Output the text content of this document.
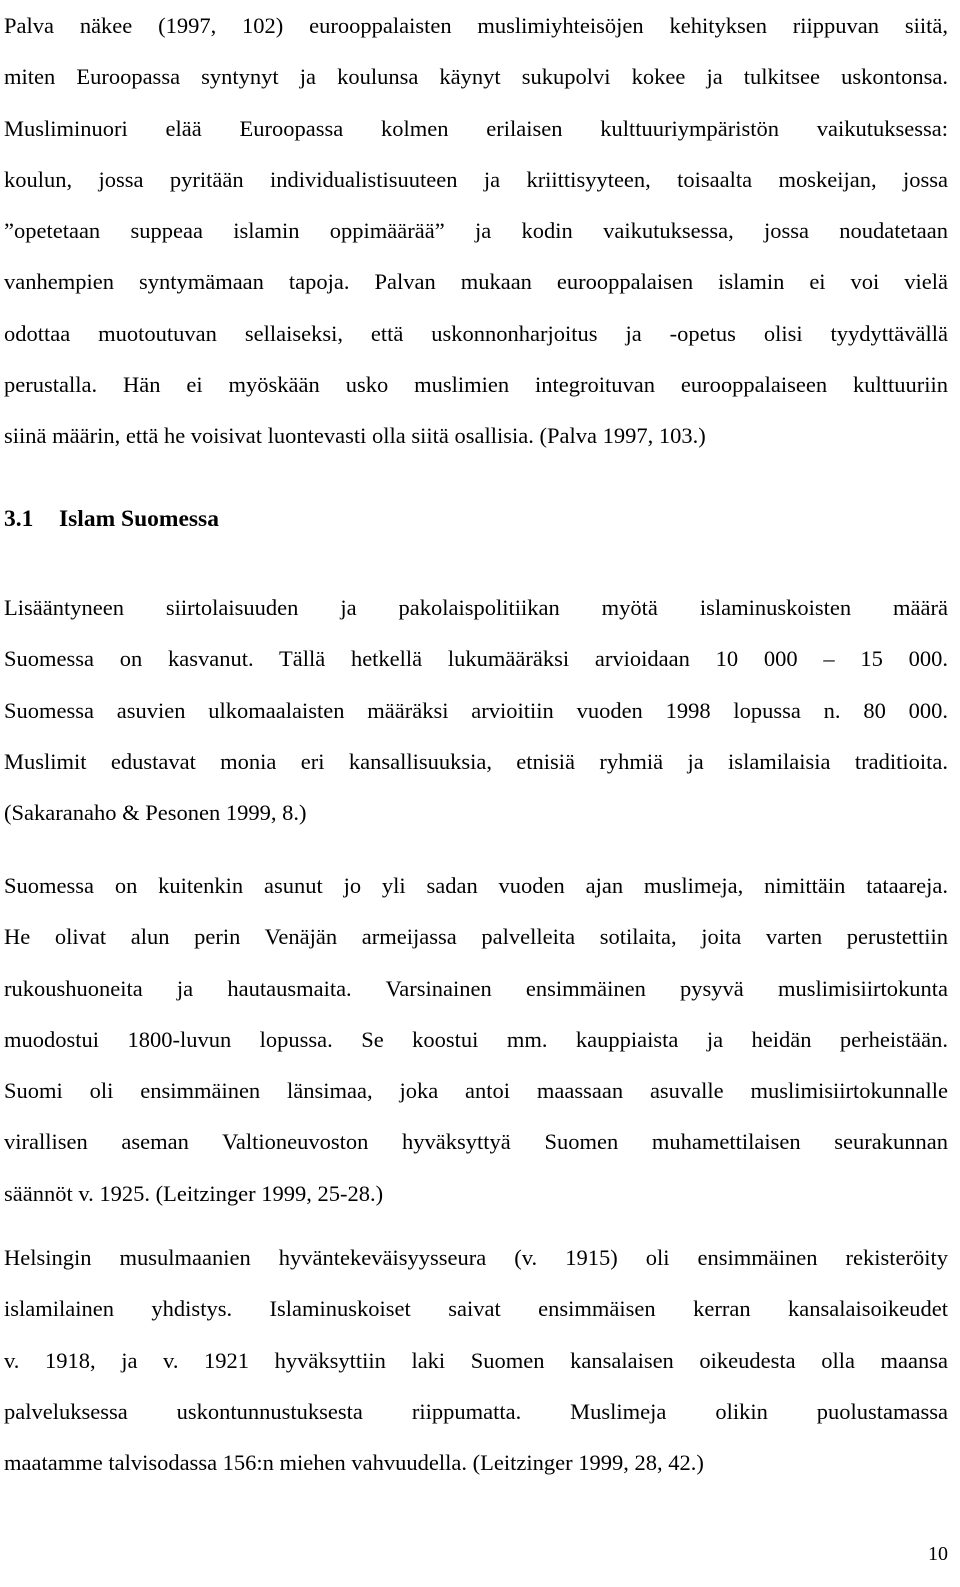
Palva näkee (1997, 102) eurooppalaisten muslimiyhteisöjen kehityksen riippuvan siitä,
miten Euroopassa syntynyt ja koulunsa käynyt sukupolvi kokee ja tulkitsee uskontonsa.
Musliminuori elää Euroopassa kolmen erilaisen kulttuuriympäristön vaikutuksessa:
koulun, jossa pyritään individualistisuuteen ja kriittisyyteen, toisaalta moskeijan, jossa
”opetetaan suppeaa islamin oppimäärää” ja kodin vaikutuksessa, jossa noudatetaan
vanhempien syntymämaan tapoja. Palvan mukaan eurooppalaisen islamin ei voi vielä
odottaa muotoutuvan sellaiseksi, että uskonnonharjoitus ja -opetus olisi tyydyttävällä
perustalla. Hän ei myöskään usko muslimien integroituvan eurooppalaiseen kulttuuriin
siinä määrin, että he voisivat luontevasti olla siitä osallisia. (Palva 1997, 103.)

3.1 Islam Suomessa

Lisääntyneen siirtolaisuuden ja pakolaispolitiikan myötä islaminuskoisten määrä
Suomessa on kasvanut. Tällä hetkellä lukumääräksi arvioidaan 10 000 – 15 000.
Suomessa asuvien ulkomaalaisten määräksi arvioitiin vuoden 1998 lopussa n. 80 000.
Muslimit edustavat monia eri kansallisuuksia, etnisiä ryhmiä ja islamilaisia traditioita.
(Sakaranaho & Pesonen 1999, 8.)

Suomessa on kuitenkin asunut jo yli sadan vuoden ajan muslimeja, nimittäin tataareja.
He olivat alun perin Venäjän armeijassa palvelleita sotilaita, joita varten perustettiin
rukoushuoneita ja hautausmaita. Varsinainen ensimmäinen pysyvä muslimisiirtokunta
muodostui 1800-luvun lopussa. Se koostui mm. kauppiaista ja heidän perheistään.
Suomi oli ensimmäinen länsimaa, joka antoi maassaan asuvalle muslimisiirtokunnalle
virallisen aseman Valtioneuvoston hyväksyttyä Suomen muhamettilaisen seurakunnan
säännöt v. 1925. (Leitzinger 1999, 25-28.)

Helsingin musulmaanien hyväntekeväisyysseura (v. 1915) oli ensimmäinen rekisteröity
islamilainen yhdistys. Islaminuskoiset saivat ensimmäisen kerran kansalaisoikeudet
v. 1918, ja v. 1921 hyväksyttiin laki Suomen kansalaisen oikeudesta olla maansa
palveluksessa uskontunnustuksesta riippumatta. Muslimeja olikin puolustamassa
maatamme talvisodassa 156:n miehen vahvuudella. (Leitzinger 1999, 28, 42.)

10
